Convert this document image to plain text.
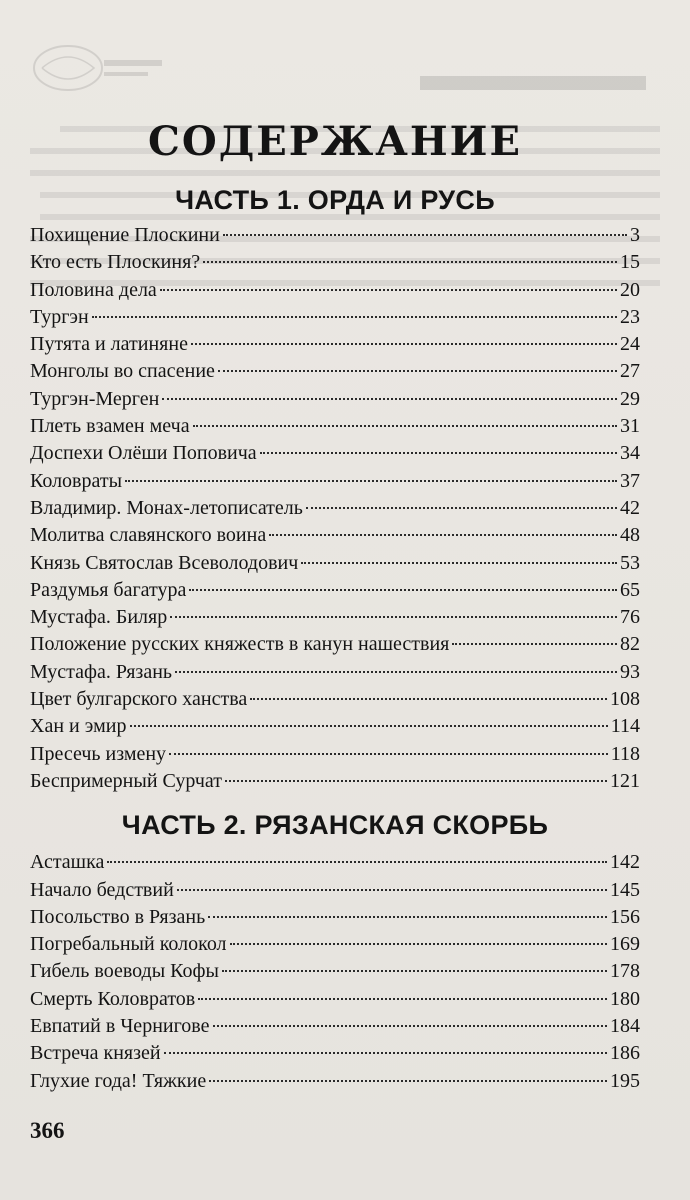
СОДЕРЖАНИЕ
ЧАСТЬ 1. ОРДА И РУСЬ
Похищение Плоскини	3
Кто есть Плоскиня?	15
Половина дела	20
Тургэн	23
Путята и латиняне	24
Монголы во спасение	27
Тургэн-Мерген	29
Плеть взамен меча	31
Доспехи Олёши Поповича	34
Коловраты	37
Владимир. Монах-летописатель	42
Молитва славянского воина	48
Князь Святослав Всеволодович	53
Раздумья багатура	65
Мустафа. Биляр	76
Положение русских княжеств в канун нашествия	82
Мустафа. Рязань	93
Цвет булгарского ханства	108
Хан и эмир	114
Пресечь измену	118
Беспримерный Сурчат	121
ЧАСТЬ 2. РЯЗАНСКАЯ СКОРБЬ
Асташка	142
Начало бедствий	145
Посольство в Рязань	156
Погребальный колокол	169
Гибель воеводы Кофы	178
Смерть Коловратов	180
Евпатий в Чернигове	184
Встреча князей	186
Глухие года! Тяжкие	195
366
